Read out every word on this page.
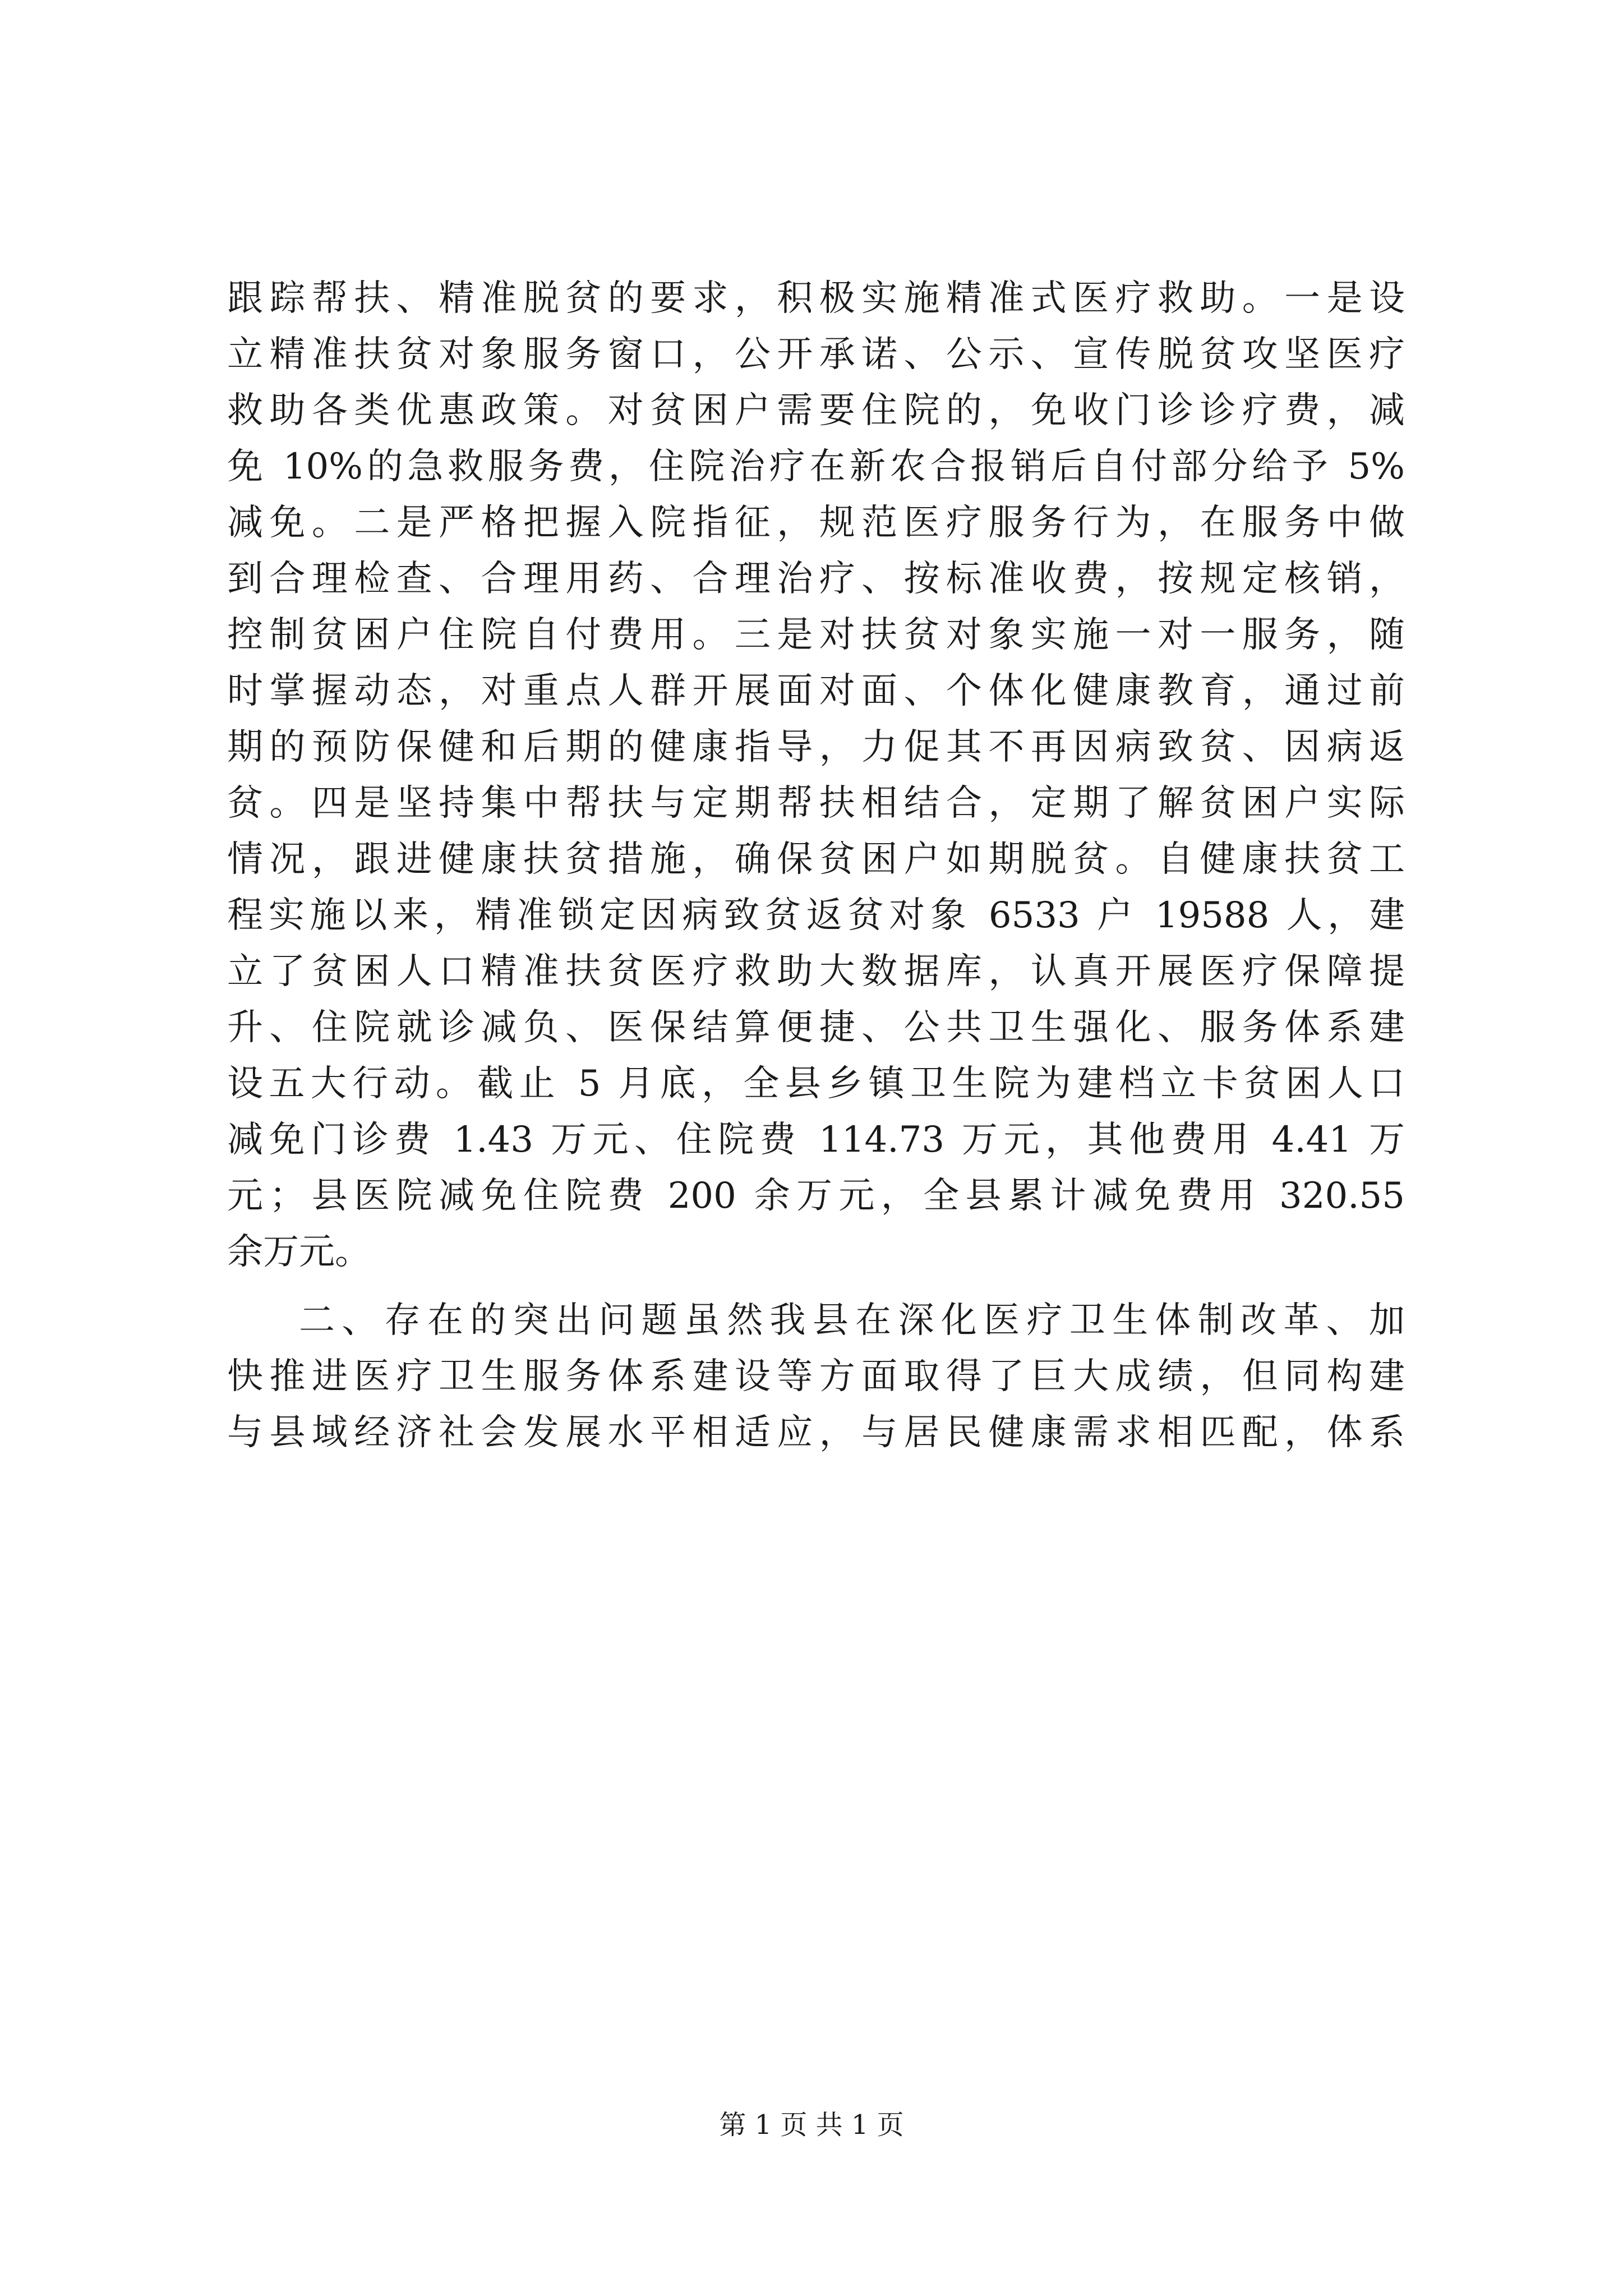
跟踪帮扶、精准脱贫的要求，积极实施精准式医疗救助。一是设
立精准扶贫对象服务窗口，公开承诺、公示、宣传脱贫攻坚医疗
救助各类优惠政策。对贫困户需要住院的，免收门诊诊疗费，减
免 10%的急救服务费，住院治疗在新农合报销后自付部分给予 5%
减免。二是严格把握入院指征，规范医疗服务行为，在服务中做
到合理检查、合理用药、合理治疗、按标准收费，按规定核销，
控制贫困户住院自付费用。三是对扶贫对象实施一对一服务，随
时掌握动态，对重点人群开展面对面、个体化健康教育，通过前
期的预防保健和后期的健康指导，力促其不再因病致贫、因病返
贫。四是坚持集中帮扶与定期帮扶相结合，定期了解贫困户实际
情况，跟进健康扶贫措施，确保贫困户如期脱贫。自健康扶贫工
程实施以来，精准锁定因病致贫返贫对象 6533 户 19588 人，建
立了贫困人口精准扶贫医疗救助大数据库，认真开展医疗保障提
升、住院就诊减负、医保结算便捷、公共卫生强化、服务体系建
设五大行动。截止 5 月底，全县乡镇卫生院为建档立卡贫困人口
减免门诊费 1.43 万元、住院费 114.73 万元，其他费用 4.41 万
元；县医院减免住院费 200 余万元，全县累计减免费用 320.55
余万元。
二、存在的突出问题虽然我县在深化医疗卫生体制改革、加
快推进医疗卫生服务体系建设等方面取得了巨大成绩，但同构建
与县域经济社会发展水平相适应，与居民健康需求相匹配，体系
第 1 页 共 1 页
